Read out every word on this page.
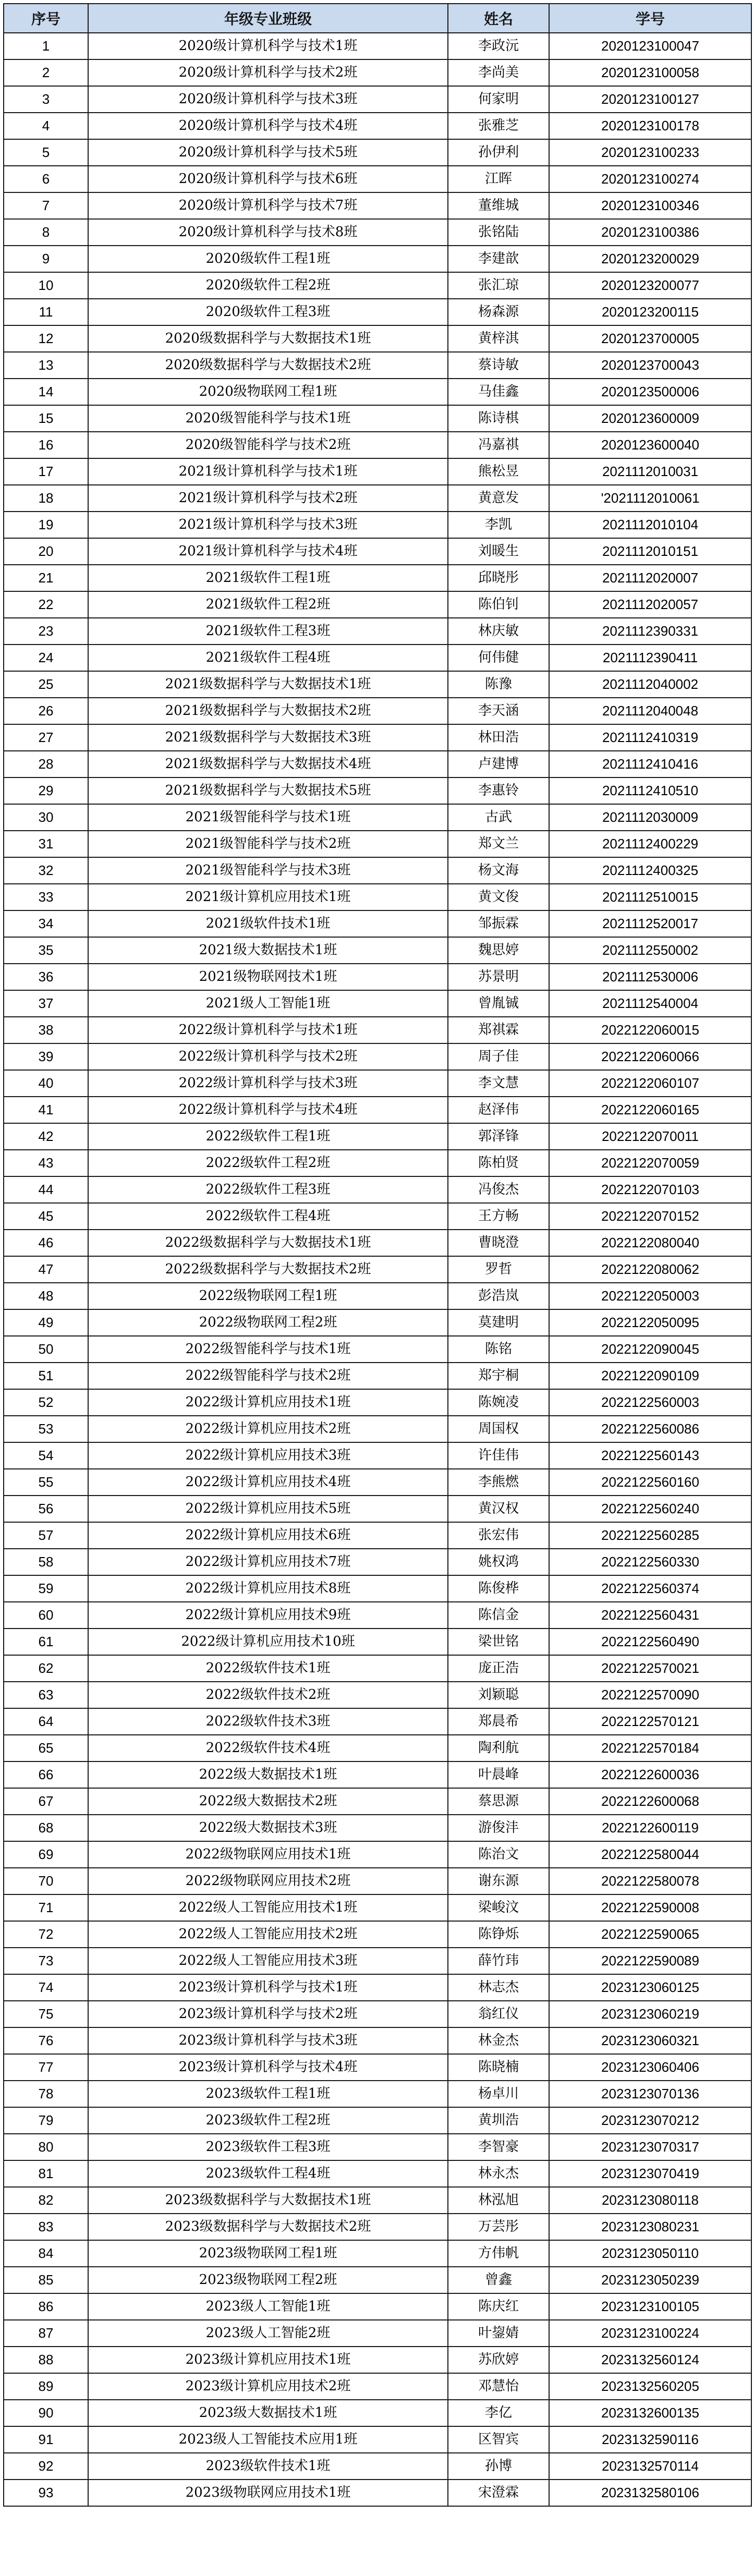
序号	年级专业班级	姓名	学号
1	2020级计算机科学与技术1班	李政沅	2020123100047
2	2020级计算机科学与技术2班	李尚美	2020123100058
3	2020级计算机科学与技术3班	何家明	2020123100127
4	2020级计算机科学与技术4班	张雅芝	2020123100178
5	2020级计算机科学与技术5班	孙伊利	2020123100233
6	2020级计算机科学与技术6班	江晖	2020123100274
7	2020级计算机科学与技术7班	董维城	2020123100346
8	2020级计算机科学与技术8班	张铭陆	2020123100386
9	2020级软件工程1班	李建歆	2020123200029
10	2020级软件工程2班	张汇琼	2020123200077
11	2020级软件工程3班	杨森源	2020123200115
12	2020级数据科学与大数据技术1班	黄梓淇	2020123700005
13	2020级数据科学与大数据技术2班	蔡诗敏	2020123700043
14	2020级物联网工程1班	马佳鑫	2020123500006
15	2020级智能科学与技术1班	陈诗棋	2020123600009
16	2020级智能科学与技术2班	冯嘉祺	2020123600040
17	2021级计算机科学与技术1班	熊松昱	2021112010031
18	2021级计算机科学与技术2班	黄意发	'2021112010061
19	2021级计算机科学与技术3班	李凯	2021112010104
20	2021级计算机科学与技术4班	刘暖生	2021112010151
21	2021级软件工程1班	邱晓彤	2021112020007
22	2021级软件工程2班	陈伯钊	2021112020057
23	2021级软件工程3班	林庆敏	2021112390331
24	2021级软件工程4班	何伟健	2021112390411
25	2021级数据科学与大数据技术1班	陈豫	2021112040002
26	2021级数据科学与大数据技术2班	李天涵	2021112040048
27	2021级数据科学与大数据技术3班	林田浩	2021112410319
28	2021级数据科学与大数据技术4班	卢建博	2021112410416
29	2021级数据科学与大数据技术5班	李惠铃	2021112410510
30	2021级智能科学与技术1班	古武	2021112030009
31	2021级智能科学与技术2班	郑文兰	2021112400229
32	2021级智能科学与技术3班	杨文海	2021112400325
33	2021级计算机应用技术1班	黄文俊	2021112510015
34	2021级软件技术1班	邹振霖	2021112520017
35	2021级大数据技术1班	魏思婷	2021112550002
36	2021级物联网技术1班	苏景明	2021112530006
37	2021级人工智能1班	曾胤铖	2021112540004
38	2022级计算机科学与技术1班	郑祺霖	2022122060015
39	2022级计算机科学与技术2班	周子佳	2022122060066
40	2022级计算机科学与技术3班	李文慧	2022122060107
41	2022级计算机科学与技术4班	赵泽伟	2022122060165
42	2022级软件工程1班	郭泽锋	2022122070011
43	2022级软件工程2班	陈柏贤	2022122070059
44	2022级软件工程3班	冯俊杰	2022122070103
45	2022级软件工程4班	王方畅	2022122070152
46	2022级数据科学与大数据技术1班	曹晓澄	2022122080040
47	2022级数据科学与大数据技术2班	罗哲	2022122080062
48	2022级物联网工程1班	彭浩岚	2022122050003
49	2022级物联网工程2班	莫建明	2022122050095
50	2022级智能科学与技术1班	陈铭	2022122090045
51	2022级智能科学与技术2班	郑宇桐	2022122090109
52	2022级计算机应用技术1班	陈婉凌	2022122560003
53	2022级计算机应用技术2班	周国权	2022122560086
54	2022级计算机应用技术3班	许佳伟	2022122560143
55	2022级计算机应用技术4班	李熊燃	2022122560160
56	2022级计算机应用技术5班	黄汉权	2022122560240
57	2022级计算机应用技术6班	张宏伟	2022122560285
58	2022级计算机应用技术7班	姚权鸿	2022122560330
59	2022级计算机应用技术8班	陈俊桦	2022122560374
60	2022级计算机应用技术9班	陈信金	2022122560431
61	2022级计算机应用技术10班	梁世铭	2022122560490
62	2022级软件技术1班	庞正浩	2022122570021
63	2022级软件技术2班	刘颖聪	2022122570090
64	2022级软件技术3班	郑晨希	2022122570121
65	2022级软件技术4班	陶利航	2022122570184
66	2022级大数据技术1班	叶晨峰	2022122600036
67	2022级大数据技术2班	蔡思源	2022122600068
68	2022级大数据技术3班	游俊沣	2022122600119
69	2022级物联网应用技术1班	陈治文	2022122580044
70	2022级物联网应用技术2班	谢东源	2022122580078
71	2022级人工智能应用技术1班	梁峻汶	2022122590008
72	2022级人工智能应用技术2班	陈铮烁	2022122590065
73	2022级人工智能应用技术3班	薛竹玮	2022122590089
74	2023级计算机科学与技术1班	林志杰	2023123060125
75	2023级计算机科学与技术2班	翁红仪	2023123060219
76	2023级计算机科学与技术3班	林金杰	2023123060321
77	2023级计算机科学与技术4班	陈晓楠	2023123060406
78	2023级软件工程1班	杨卓川	2023123070136
79	2023级软件工程2班	黄圳浩	2023123070212
80	2023级软件工程3班	李智豪	2023123070317
81	2023级软件工程4班	林永杰	2023123070419
82	2023级数据科学与大数据技术1班	林泓旭	2023123080118
83	2023级数据科学与大数据技术2班	万芸彤	2023123080231
84	2023级物联网工程1班	方伟帆	2023123050110
85	2023级物联网工程2班	曾鑫	2023123050239
86	2023级人工智能1班	陈庆红	2023123100105
87	2023级人工智能2班	叶鋆婧	2023123100224
88	2023级计算机应用技术1班	苏欣婷	2023132560124
89	2023级计算机应用技术2班	邓慧怡	2023132560205
90	2023级大数据技术1班	李亿	2023132600135
91	2023级人工智能技术应用1班	区智宾	2023132590116
92	2023级软件技术1班	孙博	2023132570114
93	2023级物联网应用技术1班	宋澄霖	2023132580106
